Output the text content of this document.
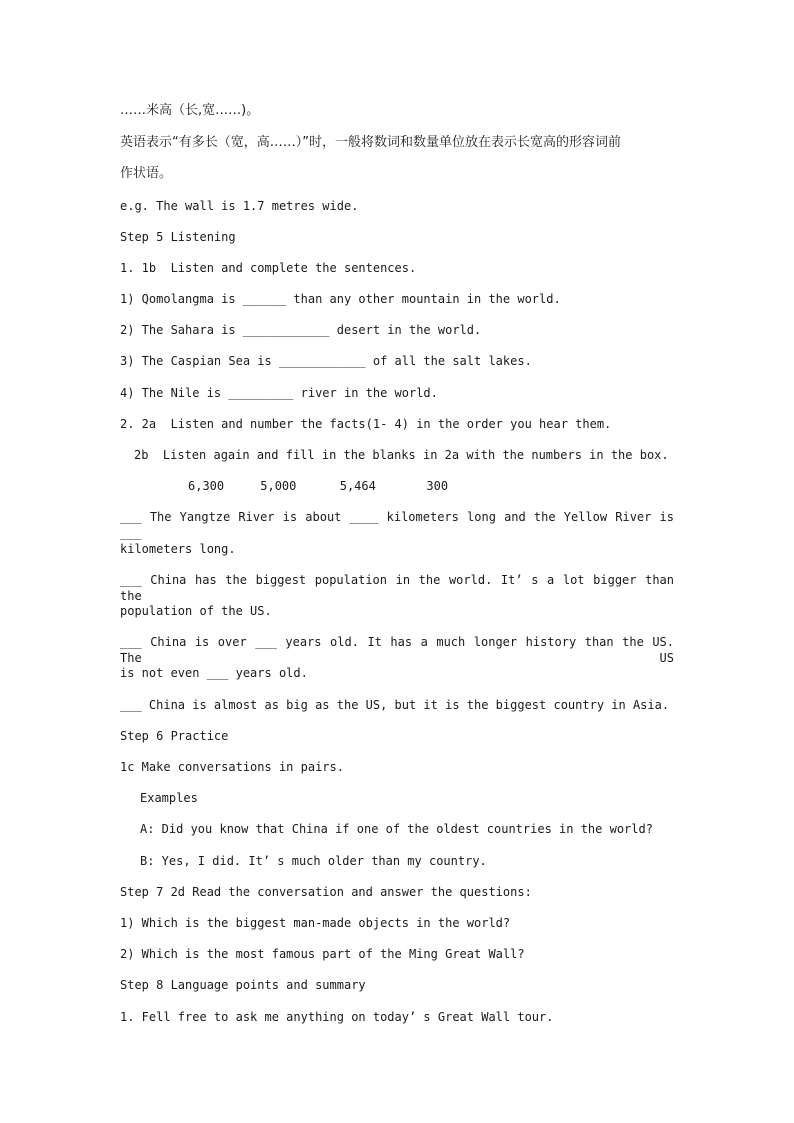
……米高（长,宽……)。
英语表示“有多长（宽，高……）”时，一般将数词和数量单位放在表示长宽高的形容词前
作状语。
e.g. The wall is 1.7 metres wide.
Step 5 Listening
1. 1b  Listen and complete the sentences.
1) Qomolangma is ______ than any other mountain in the world.
2) The Sahara is ____________ desert in the world.
3) The Caspian Sea is ____________ of all the salt lakes.
4) The Nile is _________ river in the world.
2. 2a  Listen and number the facts(1- 4) in the order you hear them.
2b  Listen again and fill in the blanks in 2a with the numbers in the box.
6,300     5,000      5,464       300
___ The Yangtze River is about ____ kilometers long and the Yellow River is ___
kilometers long.
___ China has the biggest population in the world. It’ s a lot bigger than the
population of the US.
___ China is over ___ years old. It has a much longer history than the US. The US
is not even ___ years old.
___ China is almost as big as the US, but it is the biggest country in Asia.
Step 6 Practice
1c Make conversations in pairs.
Examples
A: Did you know that China if one of the oldest countries in the world?
B: Yes, I did. It’ s much older than my country.
Step 7 2d Read the conversation and answer the questions:
1) Which is the biggest man-made objects in the world?
2) Which is the most famous part of the Ming Great Wall?
Step 8 Language points and summary
1. Fell free to ask me anything on today’ s Great Wall tour.
